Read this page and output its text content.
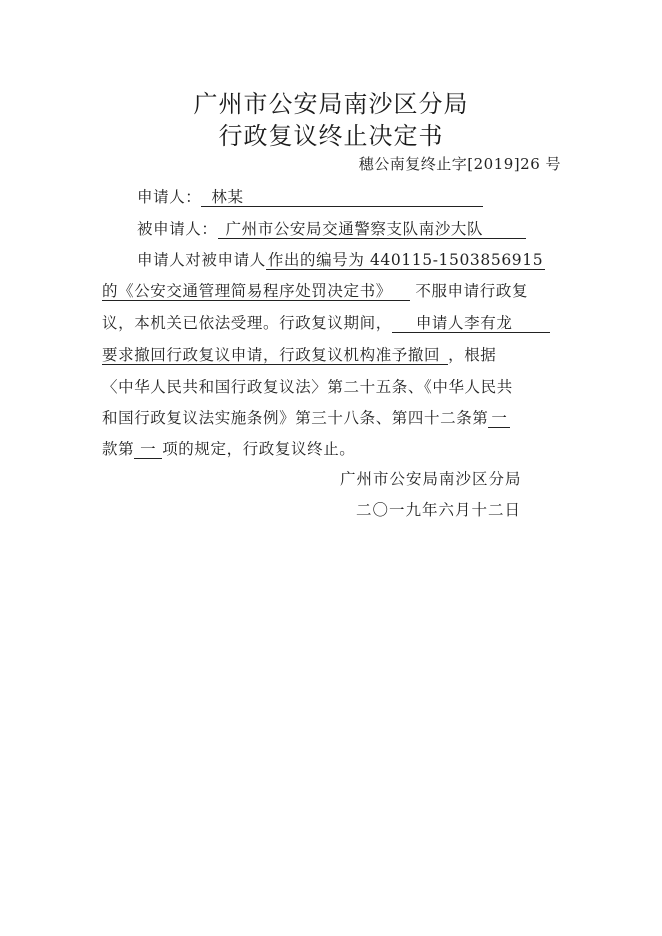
广州市公安局南沙区分局
行政复议终止决定书
穗公南复终止字[2019]26 号
申请人： 林某
被申请人： 广州市公安局交通警察支队南沙大队
申请人对被申请人 作出的编号为 440115-1503856915
的《公安交通管理简易程序处罚决定书》 不服申请行政复
议，本机关已依法受理。行政复议期间， 申请人李有龙
要求撤回行政复议申请，行政复议机构准予撤回 ，根据
〈中华人民共和国行政复议法〉第二十五条、《中华人民共
和国行政复议法实施条例》第三十八条、第四十二条第 一
款第 一 项的规定，行政复议终止。
广州市公安局南沙区分局
二〇一九年六月十二日
